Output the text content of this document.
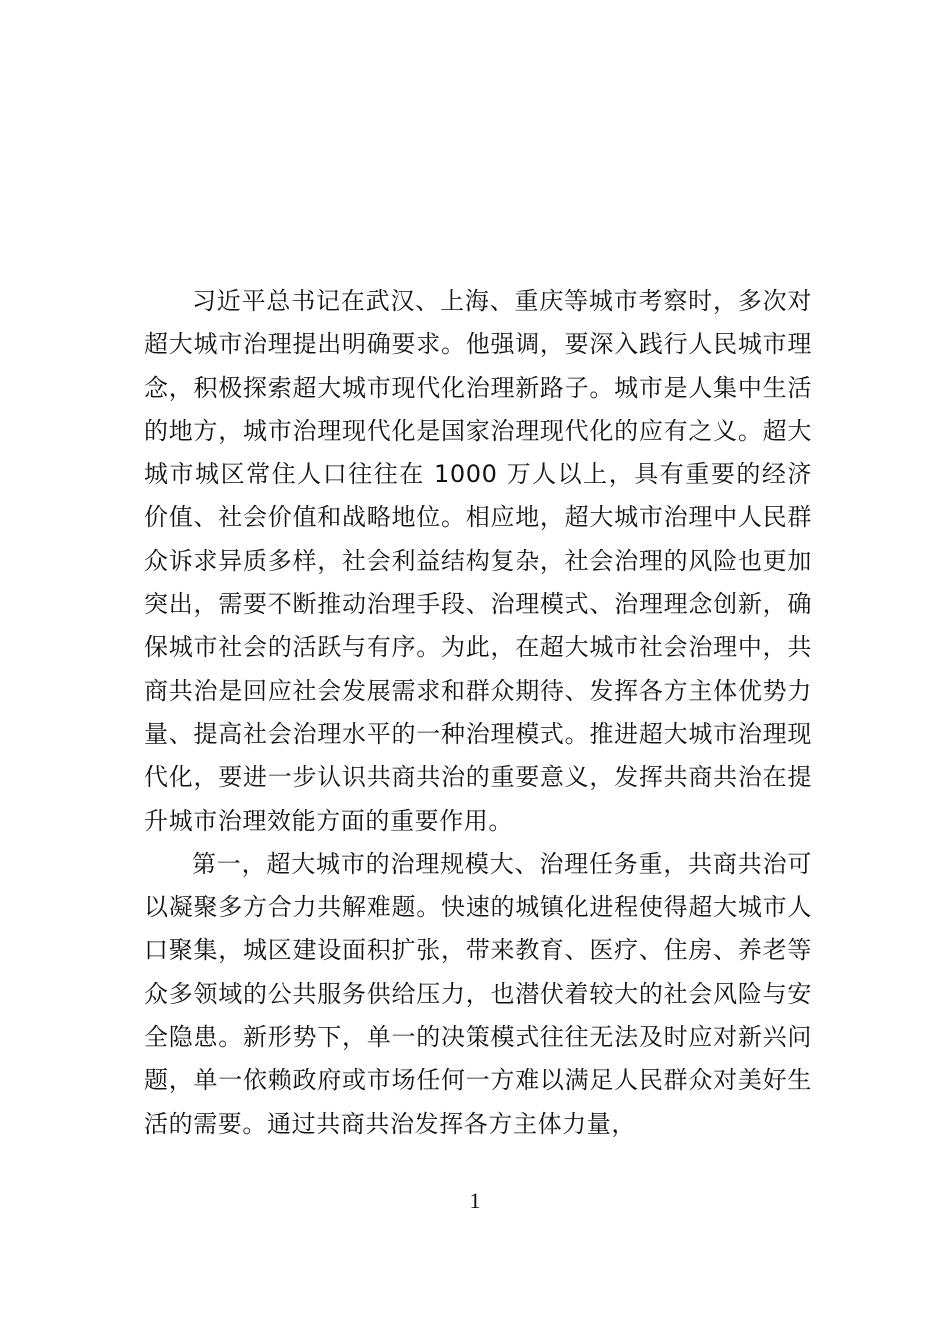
习近平总书记在武汉、上海、重庆等城市考察时，多次对超大城市治理提出明确要求。他强调，要深入践行人民城市理念，积极探索超大城市现代化治理新路子。城市是人集中生活的地方，城市治理现代化是国家治理现代化的应有之义。超大城市城区常住人口往往在 1000 万人以上，具有重要的经济价值、社会价值和战略地位。相应地，超大城市治理中人民群众诉求异质多样，社会利益结构复杂，社会治理的风险也更加突出，需要不断推动治理手段、治理模式、治理理念创新，确保城市社会的活跃与有序。为此，在超大城市社会治理中，共商共治是回应社会发展需求和群众期待、发挥各方主体优势力量、提高社会治理水平的一种治理模式。推进超大城市治理现代化，要进一步认识共商共治的重要意义，发挥共商共治在提升城市治理效能方面的重要作用。

第一，超大城市的治理规模大、治理任务重，共商共治可以凝聚多方合力共解难题。快速的城镇化进程使得超大城市人口聚集，城区建设面积扩张，带来教育、医疗、住房、养老等众多领域的公共服务供给压力，也潜伏着较大的社会风险与安全隐患。新形势下，单一的决策模式往往无法及时应对新兴问题，单一依赖政府或市场任何一方难以满足人民群众对美好生活的需要。通过共商共治发挥各方主体力量，

1
